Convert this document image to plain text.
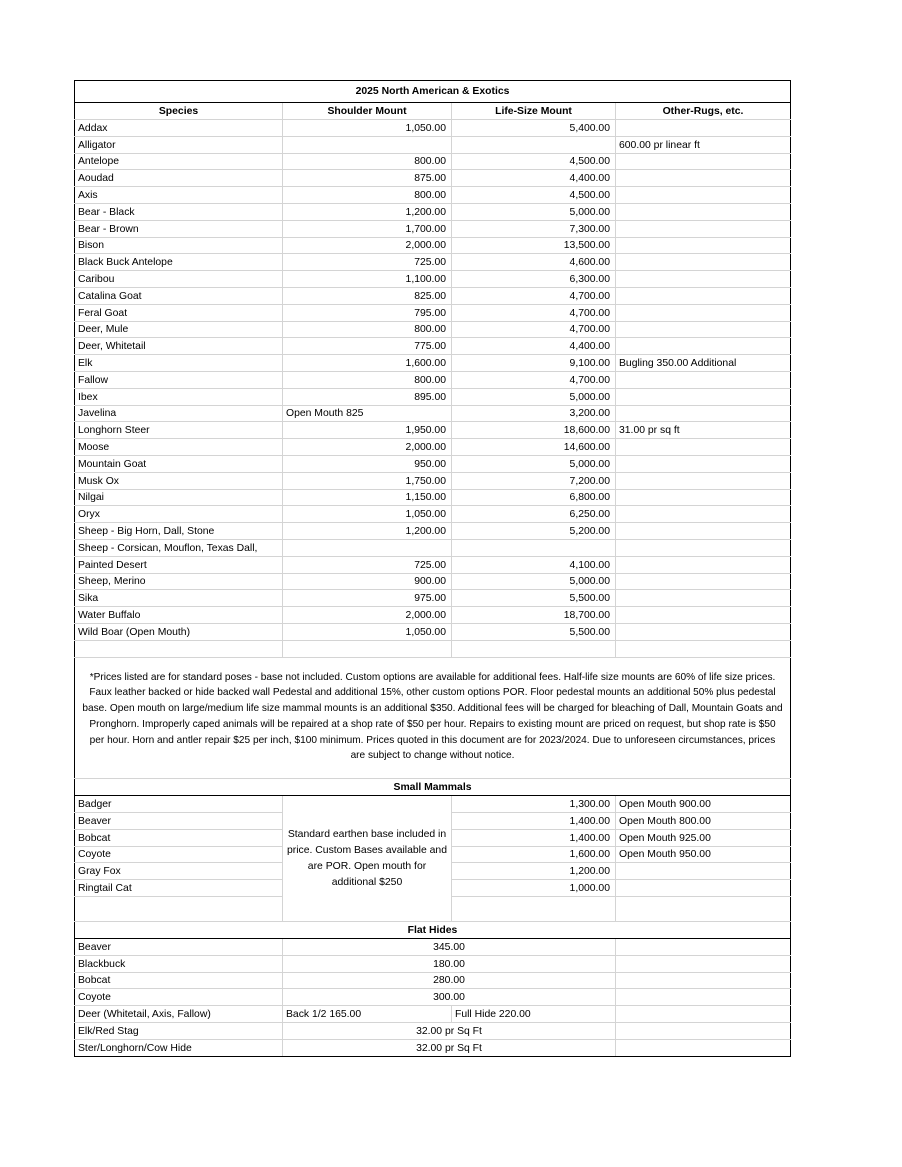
2025 North American & Exotics			
Species	Shoulder Mount	Life-Size Mount	Other-Rugs, etc.
Addax	1,050.00	5,400.00	
Alligator			600.00 pr linear ft
Antelope	800.00	4,500.00	
Aoudad	875.00	4,400.00	
Axis	800.00	4,500.00	
Bear - Black	1,200.00	5,000.00	
Bear - Brown	1,700.00	7,300.00	
Bison	2,000.00	13,500.00	
Black Buck Antelope	725.00	4,600.00	
Caribou	1,100.00	6,300.00	
Catalina Goat	825.00	4,700.00	
Feral Goat	795.00	4,700.00	
Deer, Mule	800.00	4,700.00	
Deer, Whitetail	775.00	4,400.00	
Elk	1,600.00	9,100.00	Bugling 350.00 Additional
Fallow	800.00	4,700.00	
Ibex	895.00	5,000.00	
Javelina	Open Mouth 825	3,200.00	
Longhorn Steer	1,950.00	18,600.00	31.00 pr sq ft
Moose	2,000.00	14,600.00	
Mountain Goat	950.00	5,000.00	
Musk Ox	1,750.00	7,200.00	
Nilgai	1,150.00	6,800.00	
Oryx	1,050.00	6,250.00	
Sheep - Big Horn, Dall, Stone	1,200.00	5,200.00	
Sheep - Corsican, Mouflon, Texas Dall,			
Painted Desert	725.00	4,100.00	
Sheep, Merino	900.00	5,000.00	
Sika	975.00	5,500.00	
Water Buffalo	2,000.00	18,700.00	
Wild Boar (Open Mouth)	1,050.00	5,500.00	

*Prices listed are for standard poses - base not included. Custom options are available for additional fees. Half-life size mounts are 60% of life size prices. Faux leather backed or hide backed wall Pedestal and additional 15%, other custom options POR. Floor pedestal mounts an additional 50% plus pedestal base. Open mouth on large/medium life size mammal mounts is an additional $350. Additional fees will be charged for bleaching of Dall, Mountain Goats and Pronghorn. Improperly caped animals will be repaired at a shop rate of $50 per hour. Repairs to existing mount are priced on request, but shop rate is $50 per hour. Horn and antler repair $25 per inch, $100 minimum. Prices quoted in this document are for 2023/2024. Due to unforeseen circumstances, prices are subject to change without notice.			
Small Mammals			
Badger	Standard earthen base included in price. Custom Bases available and are POR. Open mouth for additional $250	1,300.00	Open Mouth 900.00
Beaver		1,400.00	Open Mouth 800.00
Bobcat		1,400.00	Open Mouth 925.00
Coyote		1,600.00	Open Mouth 950.00
Gray Fox		1,200.00	
Ringtail Cat		1,000.00	

Flat Hides			
Beaver	345.00		
Blackbuck	180.00		
Bobcat	280.00		
Coyote	300.00		
Deer (Whitetail, Axis, Fallow)	Back 1/2 165.00	Full Hide 220.00	
Elk/Red Stag	32.00 pr Sq Ft		
Ster/Longhorn/Cow Hide	32.00 pr Sq Ft		
